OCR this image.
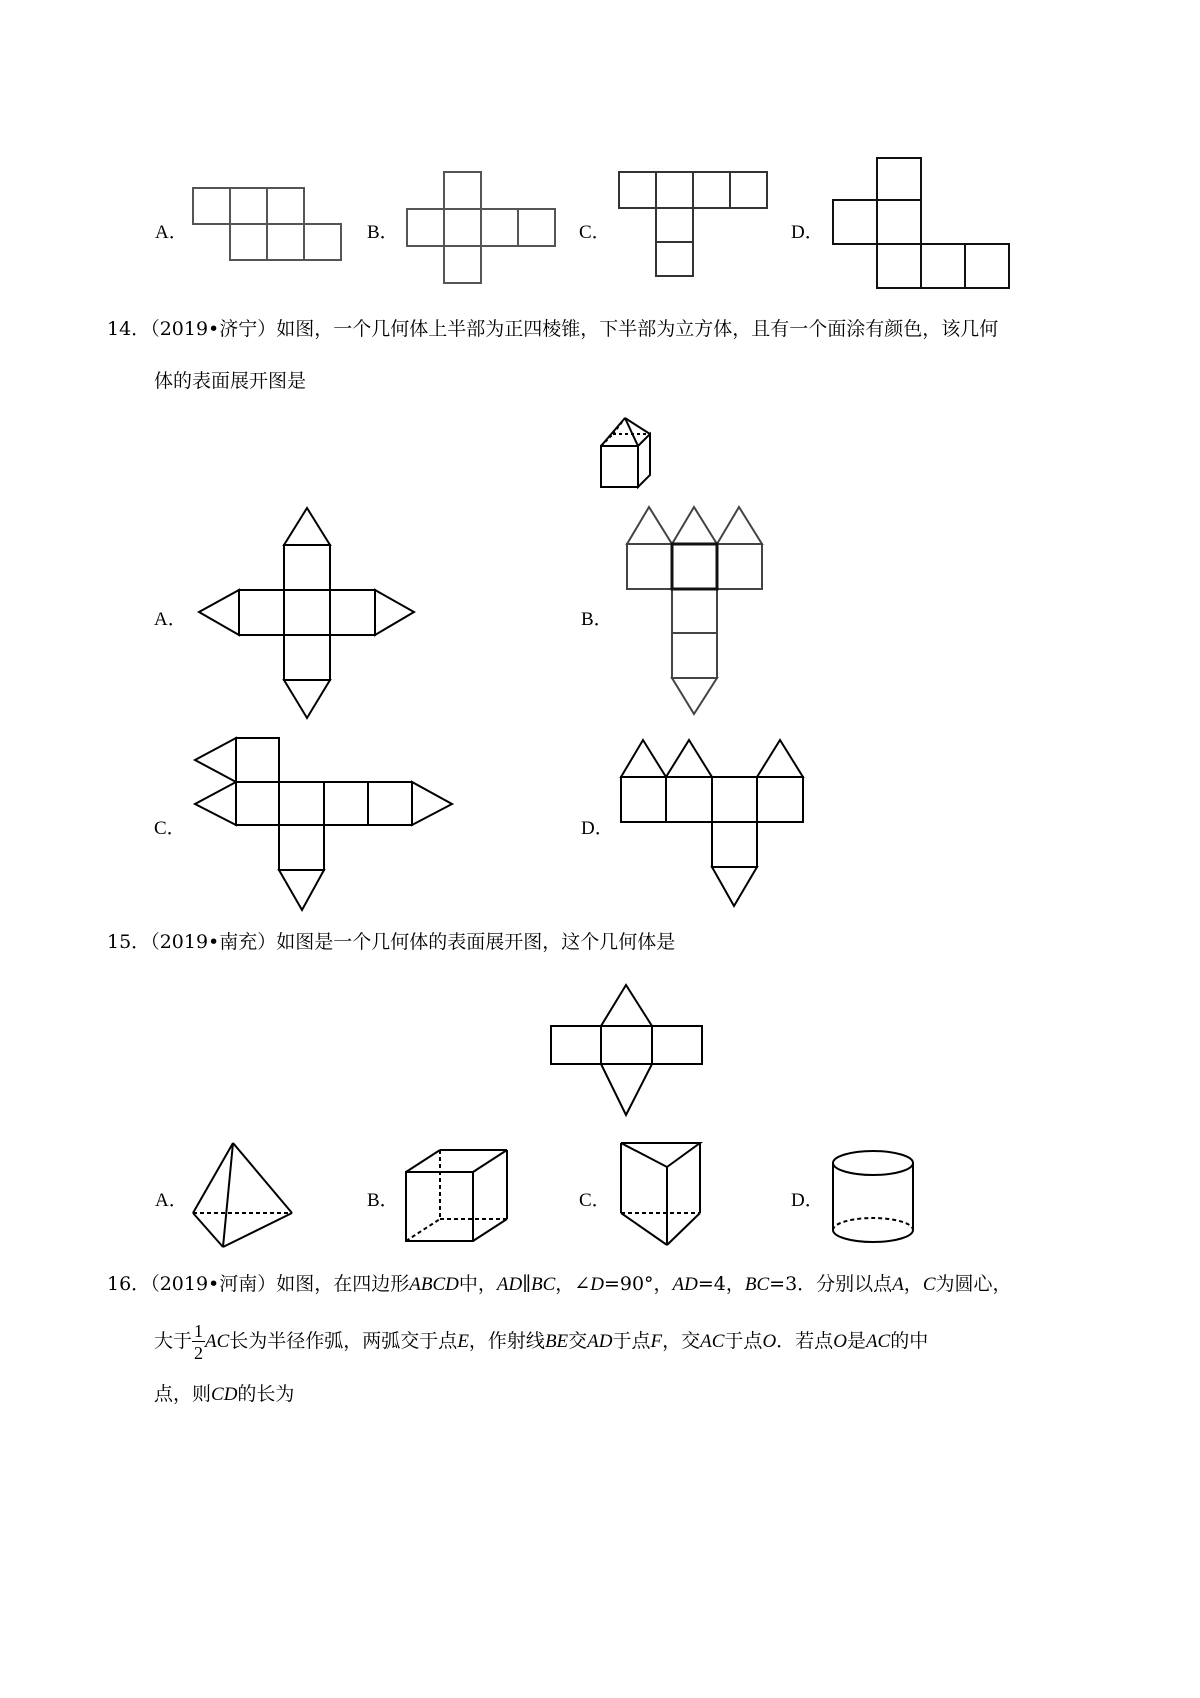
A．	B．	C．	D．
14．（2019•济宁）如图，一个几何体上半部为正四棱锥，下半部为立方体，且有一个面涂有颜色，该几何
体的表面展开图是
A．	B．
C．	D．
15．（2019•南充）如图是一个几何体的表面展开图，这个几何体是
A．	B．	C．	D．
16．（2019•河南）如图，在四边形ABCD中，AD∥BC，∠D=90°，AD=4，BC=3．分别以点A，C为圆心，
大于 $\frac{1}{2}$ AC长为半径作弧，两弧交于点E，作射线BE交AD于点F，交AC于点O．若点O是AC的中
点，则CD的长为
